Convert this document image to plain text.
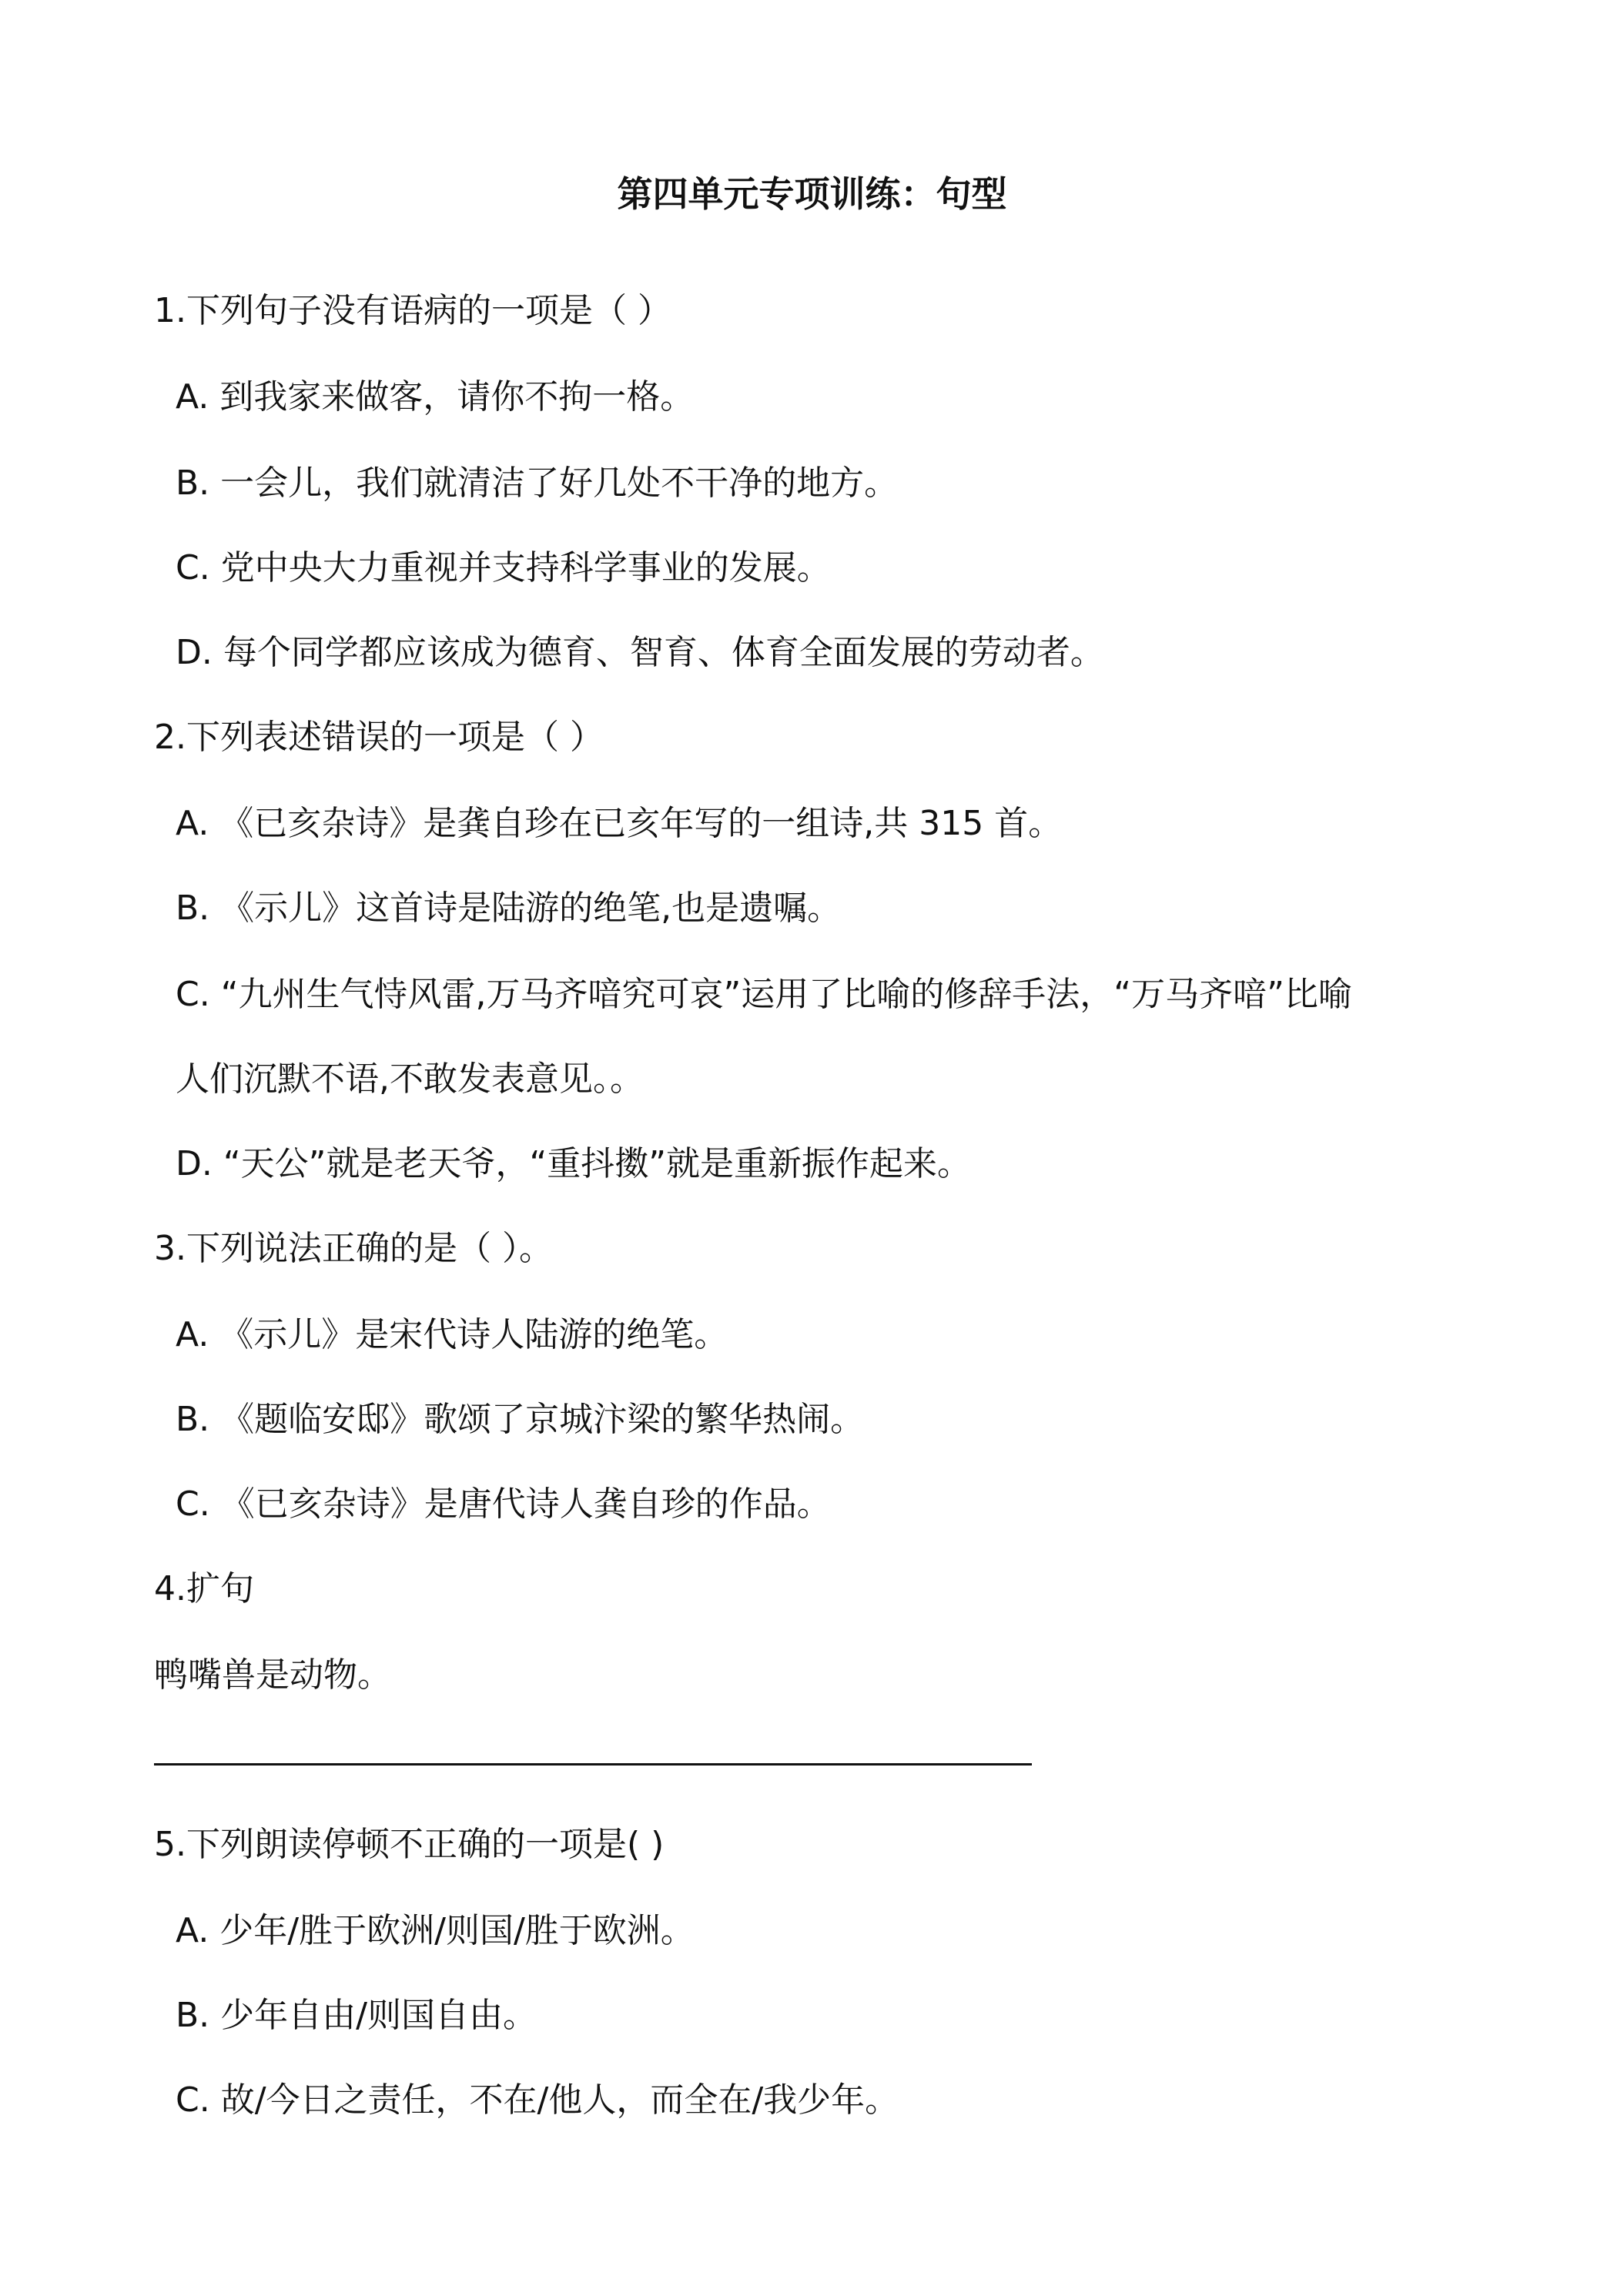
第四单元专项训练：句型
1.下列句子没有语病的一项是（ ）
A. 到我家来做客，请你不拘一格。
B. 一会儿，我们就清洁了好几处不干净的地方。
C. 党中央大力重视并支持科学事业的发展。
D. 每个同学都应该成为德育、智育、体育全面发展的劳动者。
2.下列表述错误的一项是（ ）
A. 《已亥杂诗》是龚自珍在已亥年写的一组诗,共 315 首。
B. 《示儿》这首诗是陆游的绝笔,也是遗嘱。
C. “九州生气恃风雷,万马齐喑究可哀”运用了比喻的修辞手法，“万马齐喑”比喻
人们沉默不语,不敢发表意见。。
D. “天公”就是老天爷，“重抖擞”就是重新振作起来。
3.下列说法正确的是（ ）。
A. 《示儿》是宋代诗人陆游的绝笔。
B. 《题临安邸》歌颂了京城汴梁的繁华热闹。
C. 《已亥杂诗》是唐代诗人龚自珍的作品。
4.扩句
鸭嘴兽是动物。
5.下列朗读停顿不正确的一项是( )
A. 少年/胜于欧洲/则国/胜于欧洲。
B. 少年自由/则国自由。
C. 故/今日之责任，不在/他人，而全在/我少年。
